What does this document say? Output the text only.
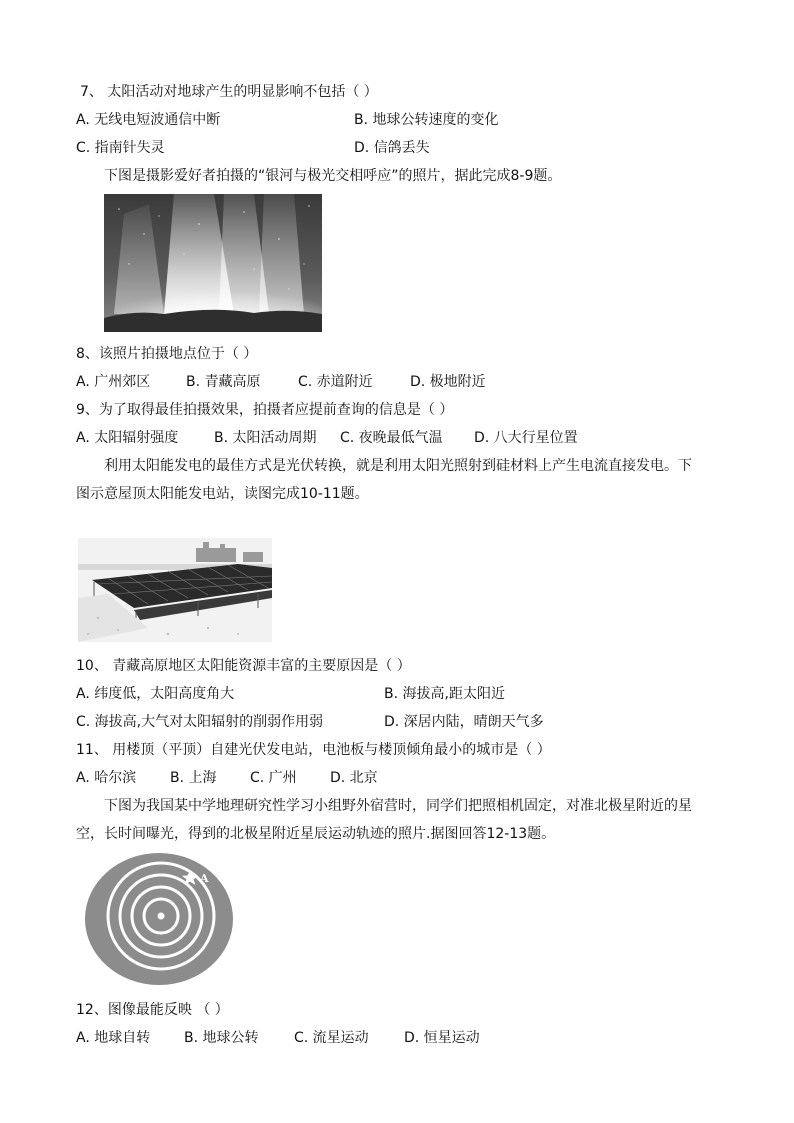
7、 太阳活动对地球产生的明显影响不包括（ ）
A. 无线电短波通信中断	B. 地球公转速度的变化
C. 指南针失灵	D. 信鸽丢失
下图是摄影爱好者拍摄的“银河与极光交相呼应”的照片，据此完成8-9题。
8、该照片拍摄地点位于（ ）
A. 广州郊区	B. 青藏高原	C. 赤道附近	D. 极地附近
9、为了取得最佳拍摄效果，拍摄者应提前查询的信息是（ ）
A. 太阳辐射强度	B. 太阳活动周期 C. 夜晚最低气温 D. 八大行星位置
利用太阳能发电的最佳方式是光伏转换，就是利用太阳光照射到硅材料上产生电流直接发电。下
图示意屋顶太阳能发电站，读图完成10-11题。
10、 青藏高原地区太阳能资源丰富的主要原因是（ ）
A. 纬度低，太阳高度角大	B. 海拔高,距太阳近
C. 海拔高,大气对太阳辐射的削弱作用弱	D. 深居内陆，晴朗天气多
11、 用楼顶（平顶）自建光伏发电站，电池板与楼顶倾角最小的城市是（ ）
A. 哈尔滨 B. 上海 C. 广州 D. 北京
下图为我国某中学地理研究性学习小组野外宿营时，同学们把照相机固定，对准北极星附近的星
空，长时间曝光，得到的北极星附近星辰运动轨迹的照片.据图回答12-13题。
A
12、图像最能反映 （ ）
A. 地球自转 B. 地球公转	C. 流星运动	D. 恒星运动
